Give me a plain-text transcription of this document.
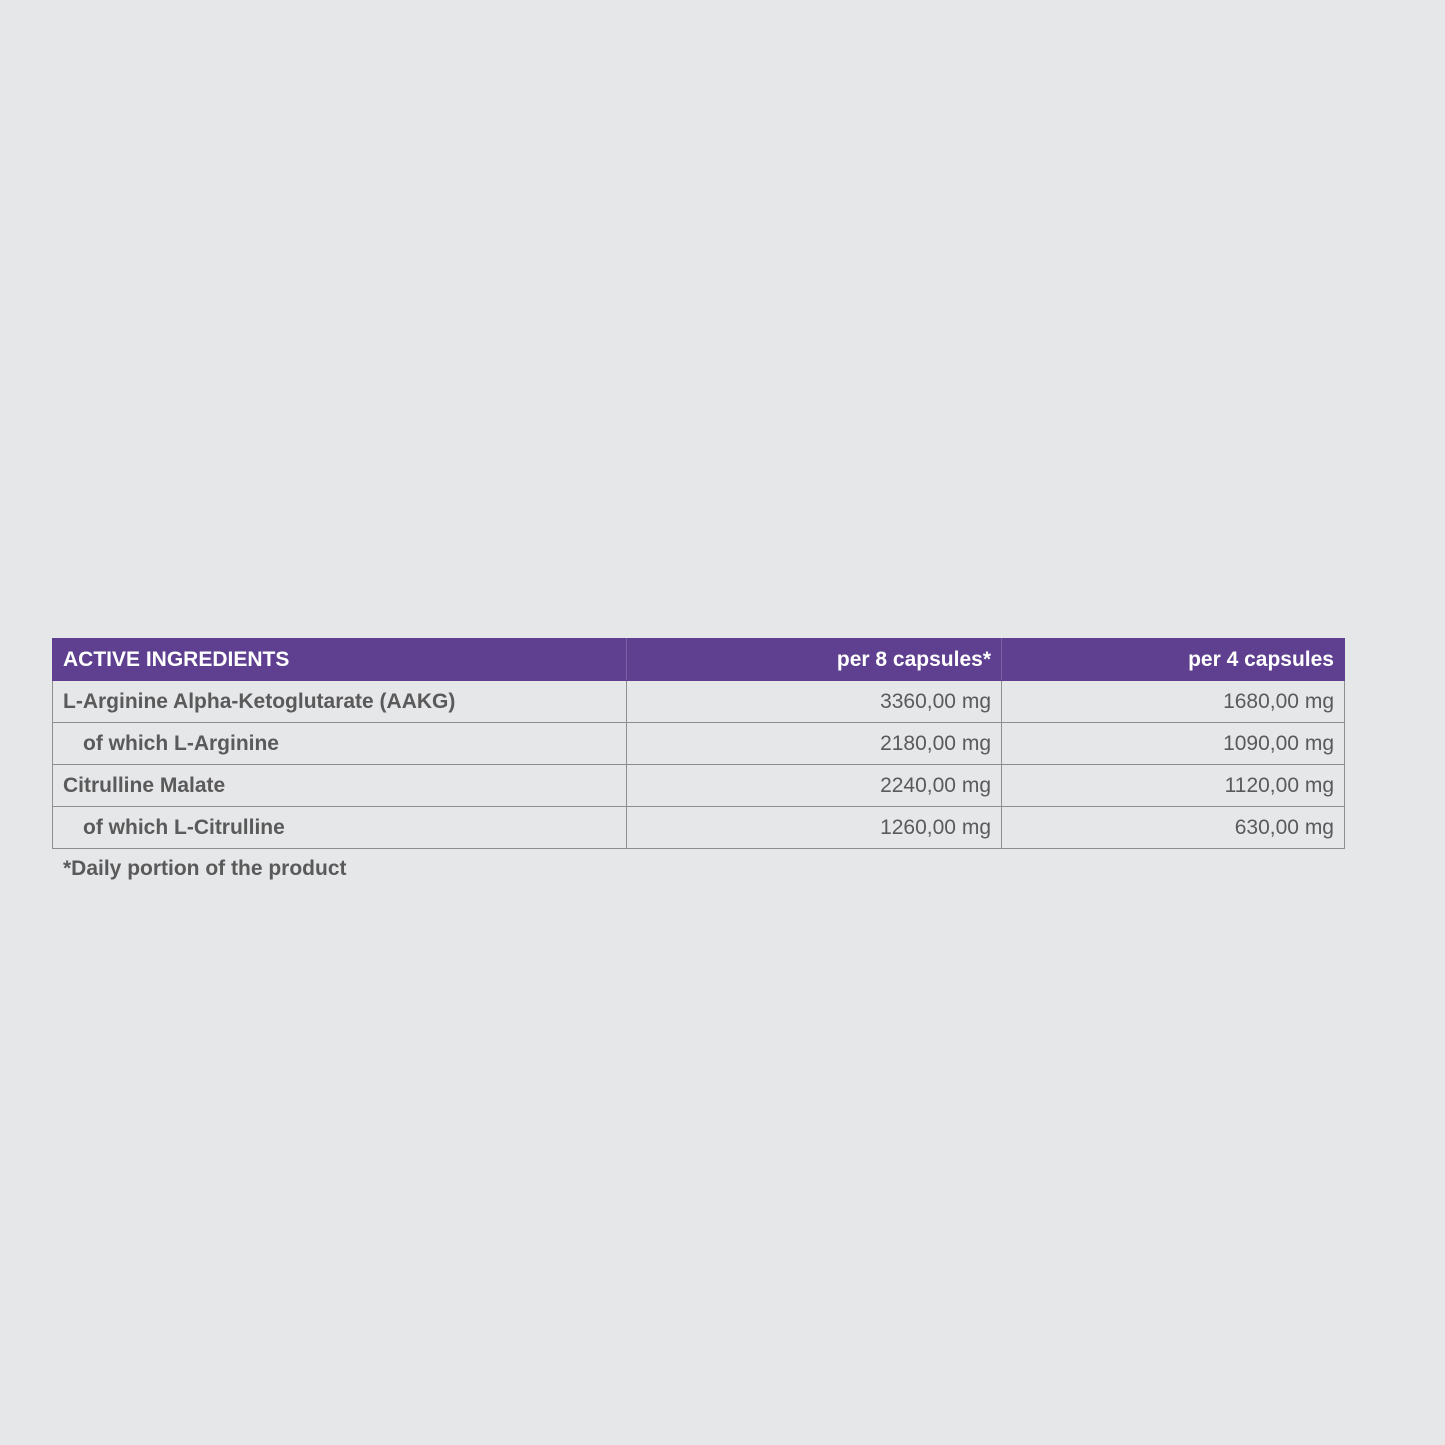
ACTIVE INGREDIENTS	per 8 capsules*	per 4 capsules
L-Arginine Alpha-Ketoglutarate (AAKG)	3360,00 mg	1680,00 mg
of which L-Arginine	2180,00 mg	1090,00 mg
Citrulline Malate	2240,00 mg	1120,00 mg
of which L-Citrulline	1260,00 mg	630,00 mg
*Daily portion of the product
